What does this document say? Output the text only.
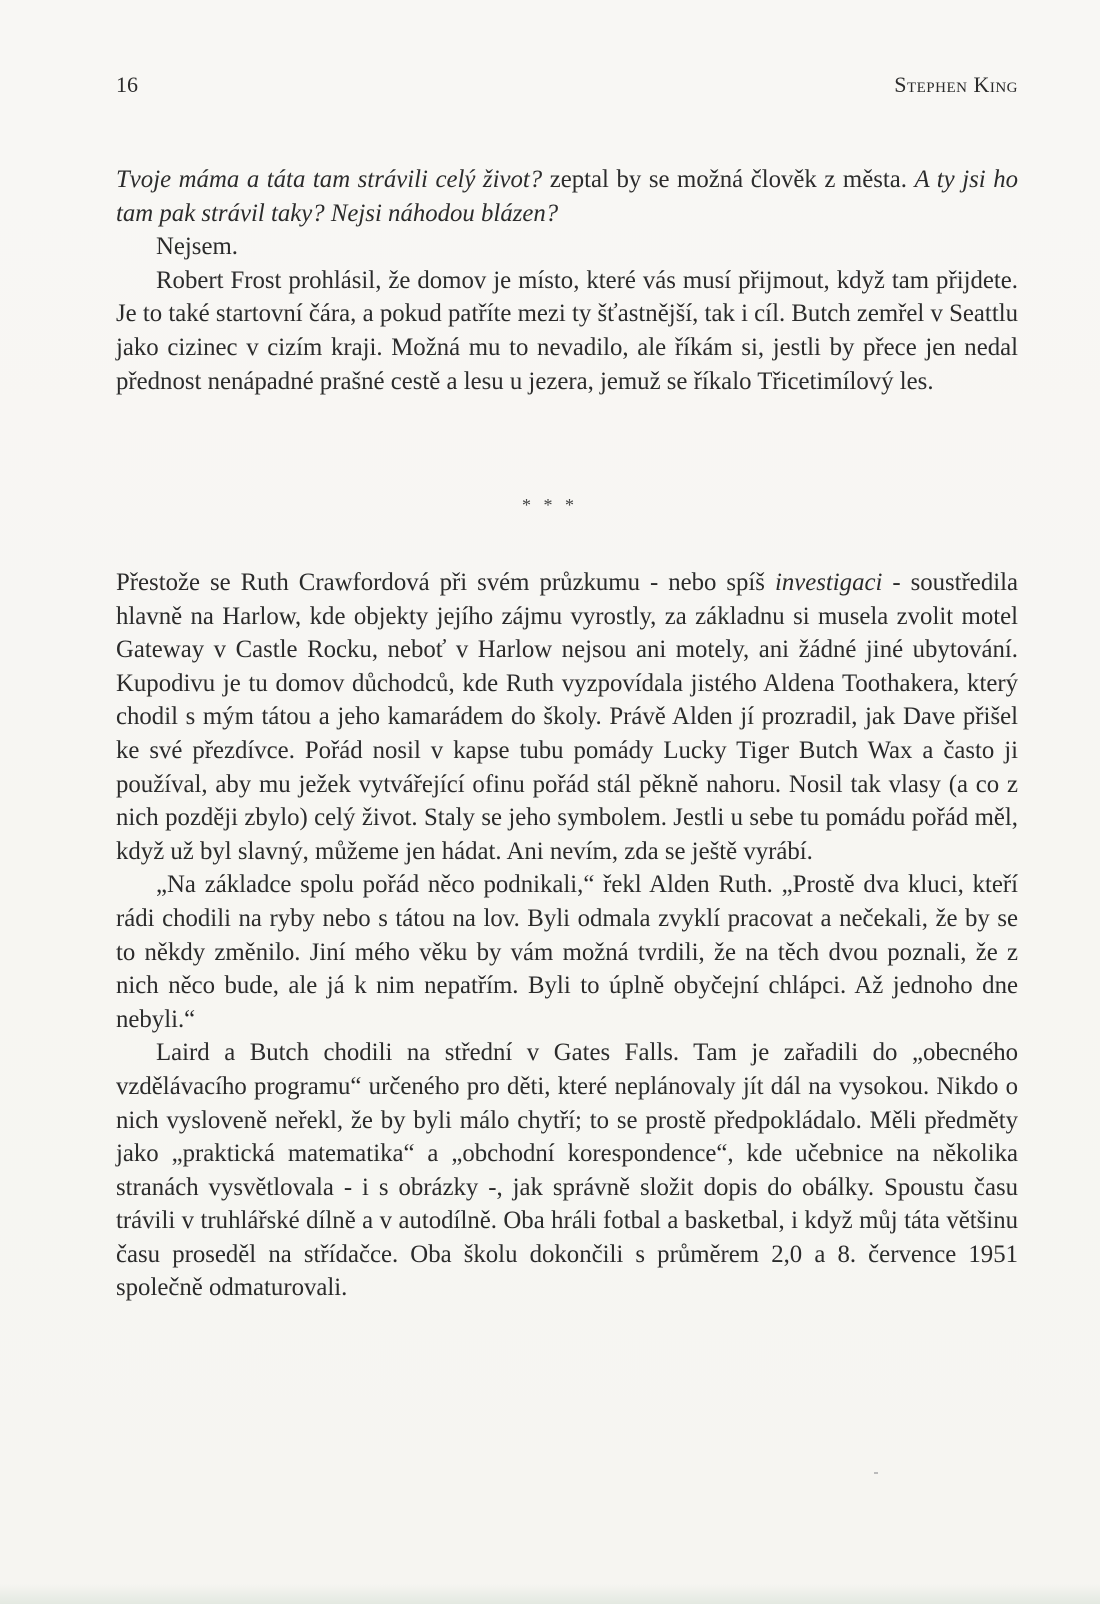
16	Stephen King

Tvoje máma a táta tam strávili celý život? zeptal by se možná člověk z města. A ty jsi ho tam pak strávil taky? Nejsi náhodou blázen?

Nejsem.

Robert Frost prohlásil, že domov je místo, které vás musí přijmout, když tam přijdete. Je to také startovní čára, a pokud patříte mezi ty šťastnější, tak i cíl. Butch zemřel v Seattlu jako cizinec v cizím kraji. Možná mu to nevadilo, ale říkám si, jestli by přece jen nedal přednost nenápadné prašné cestě a lesu u jezera, jemuž se říkalo Třicetimílový les.

* * *

Přestože se Ruth Crawfordová při svém průzkumu - nebo spíš investigaci - soustředila hlavně na Harlow, kde objekty jejího zájmu vyrostly, za základnu si musela zvolit motel Gateway v Castle Rocku, neboť v Harlow nejsou ani motely, ani žádné jiné ubytování. Kupodivu je tu domov důchodců, kde Ruth vyzpovídala jistého Aldena Toothakera, který chodil s mým tátou a jeho kamarádem do školy. Právě Alden jí prozradil, jak Dave přišel ke své přezdívce. Pořád nosil v kapse tubu pomády Lucky Tiger Butch Wax a často ji používal, aby mu ježek vytvářející ofinu pořád stál pěkně nahoru. Nosil tak vlasy (a co z nich později zbylo) celý život. Staly se jeho symbolem. Jestli u sebe tu pomádu pořád měl, když už byl slavný, můžeme jen hádat. Ani nevím, zda se ještě vyrábí.

„Na základce spolu pořád něco podnikali,“ řekl Alden Ruth. „Prostě dva kluci, kteří rádi chodili na ryby nebo s tátou na lov. Byli odmala zvyklí pracovat a nečekali, že by se to někdy změnilo. Jiní mého věku by vám možná tvrdili, že na těch dvou poznali, že z nich něco bude, ale já k nim nepatřím. Byli to úplně obyčejní chlápci. Až jednoho dne nebyli.“

Laird a Butch chodili na střední v Gates Falls. Tam je zařadili do „obecného vzdělávacího programu“ určeného pro děti, které neplánovaly jít dál na vysokou. Nikdo o nich vysloveně neřekl, že by byli málo chytří; to se prostě předpokládalo. Měli předměty jako „praktická matematika“ a „obchodní korespondence“, kde učebnice na několika stranách vysvětlovala - i s obrázky -, jak správně složit dopis do obálky. Spoustu času trávili v truhlářské dílně a v autodílně. Oba hráli fotbal a basketbal, i když můj táta většinu času proseděl na střídačce. Oba školu dokončili s průměrem 2,0 a 8. července 1951 společně odmaturovali.
